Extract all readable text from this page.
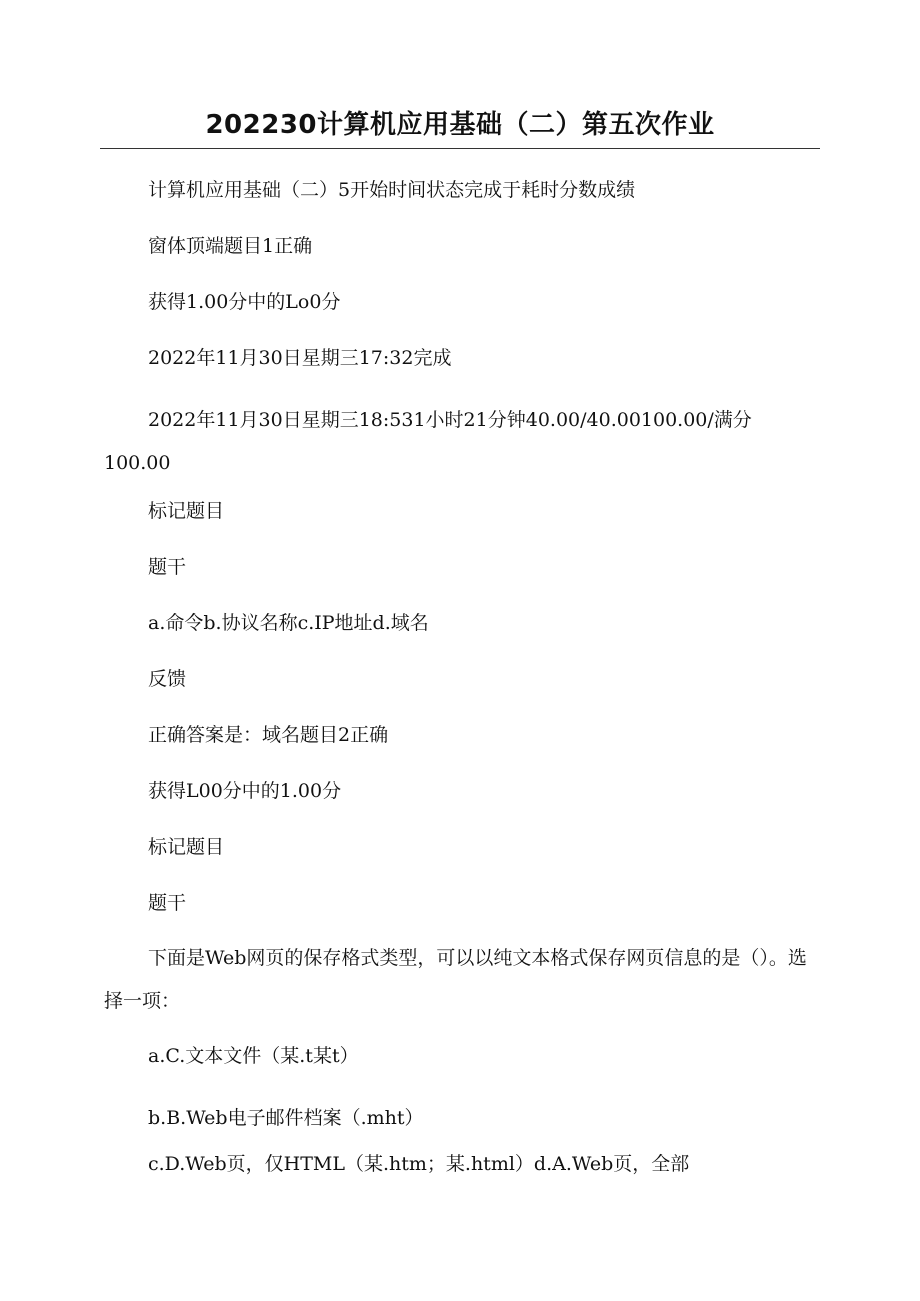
202230计算机应用基础（二）第五次作业
计算机应用基础（二）5开始时间状态完成于耗时分数成绩
窗体顶端题目1正确
获得1.00分中的Lo0分
2022年11月30日星期三17:32完成
2022年11月30日星期三18:531小时21分钟40.00/40.00100.00/满分100.00
标记题目
题干
a.命令b.协议名称c.IP地址d.域名
反馈
正确答案是：域名题目2正确
获得L00分中的1.00分
标记题目
题干
下面是Web网页的保存格式类型，可以以纯文本格式保存网页信息的是（）。选择一项：
a.C.文本文件（某.t某t）
b.B.Web电子邮件档案（.mht）
c.D.Web页，仅HTML（某.htm；某.html）d.A.Web页，全部
